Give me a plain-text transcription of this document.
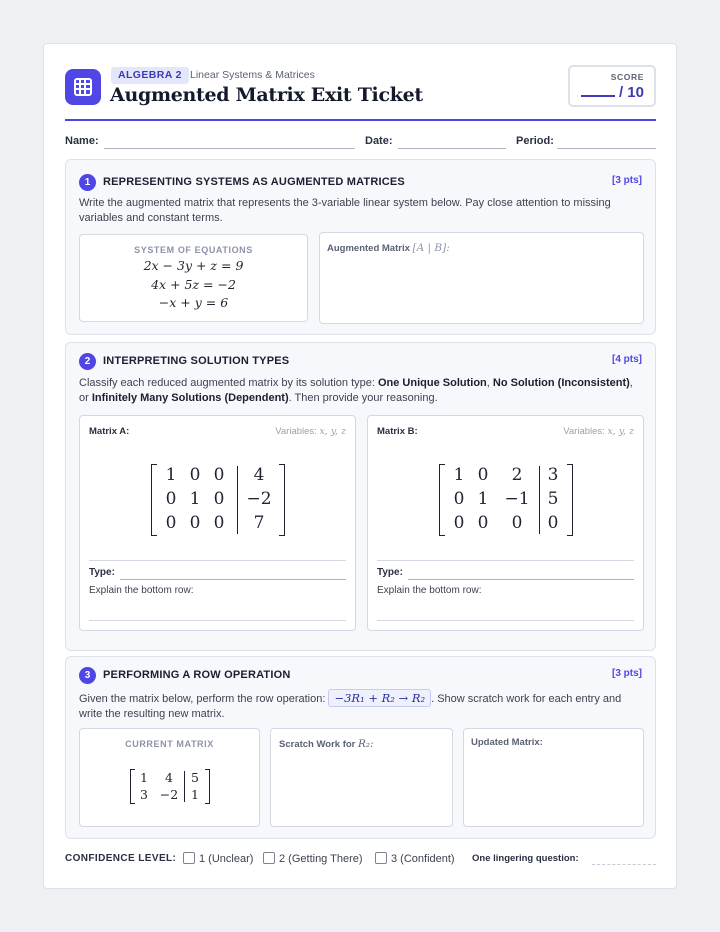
ALGEBRA 2 Linear Systems & Matrices
Augmented Matrix Exit Ticket
SCORE
/ 10
Name:	Date:	Period:
1	REPRESENTING SYSTEMS AS AUGMENTED MATRICES	[3 pts]
Write the augmented matrix that represents the 3-variable linear system below. Pay close attention to missing variables and constant terms.
SYSTEM OF EQUATIONS
2x − 3y + z = 9
4x + 5z = −2
−x + y = 6
Augmented Matrix [A | B]:
2	INTERPRETING SOLUTION TYPES	[4 pts]
Classify each reduced augmented matrix by its solution type: One Unique Solution, No Solution (Inconsistent), or Infinitely Many Solutions (Dependent). Then provide your reasoning.
Matrix A:	Variables: x, y, z
1 0 0	4
0 1 0	−2
0 0 0	7
Type:
Explain the bottom row:
Matrix B:	Variables: x, y, z
1 0	2	3
0 1 −1	5
0 0	0	0
Type:
Explain the bottom row:
3	PERFORMING A ROW OPERATION	[3 pts]
Given the matrix below, perform the row operation: −3R₁ + R₂ → R₂ . Show scratch work for each entry and write the resulting new matrix.
CURRENT MATRIX
1	4	5
3 −2	1
Scratch Work for R₂:	Updated Matrix:
CONFIDENCE LEVEL:	1 (Unclear)	2 (Getting There)	3 (Confident) One lingering question:
